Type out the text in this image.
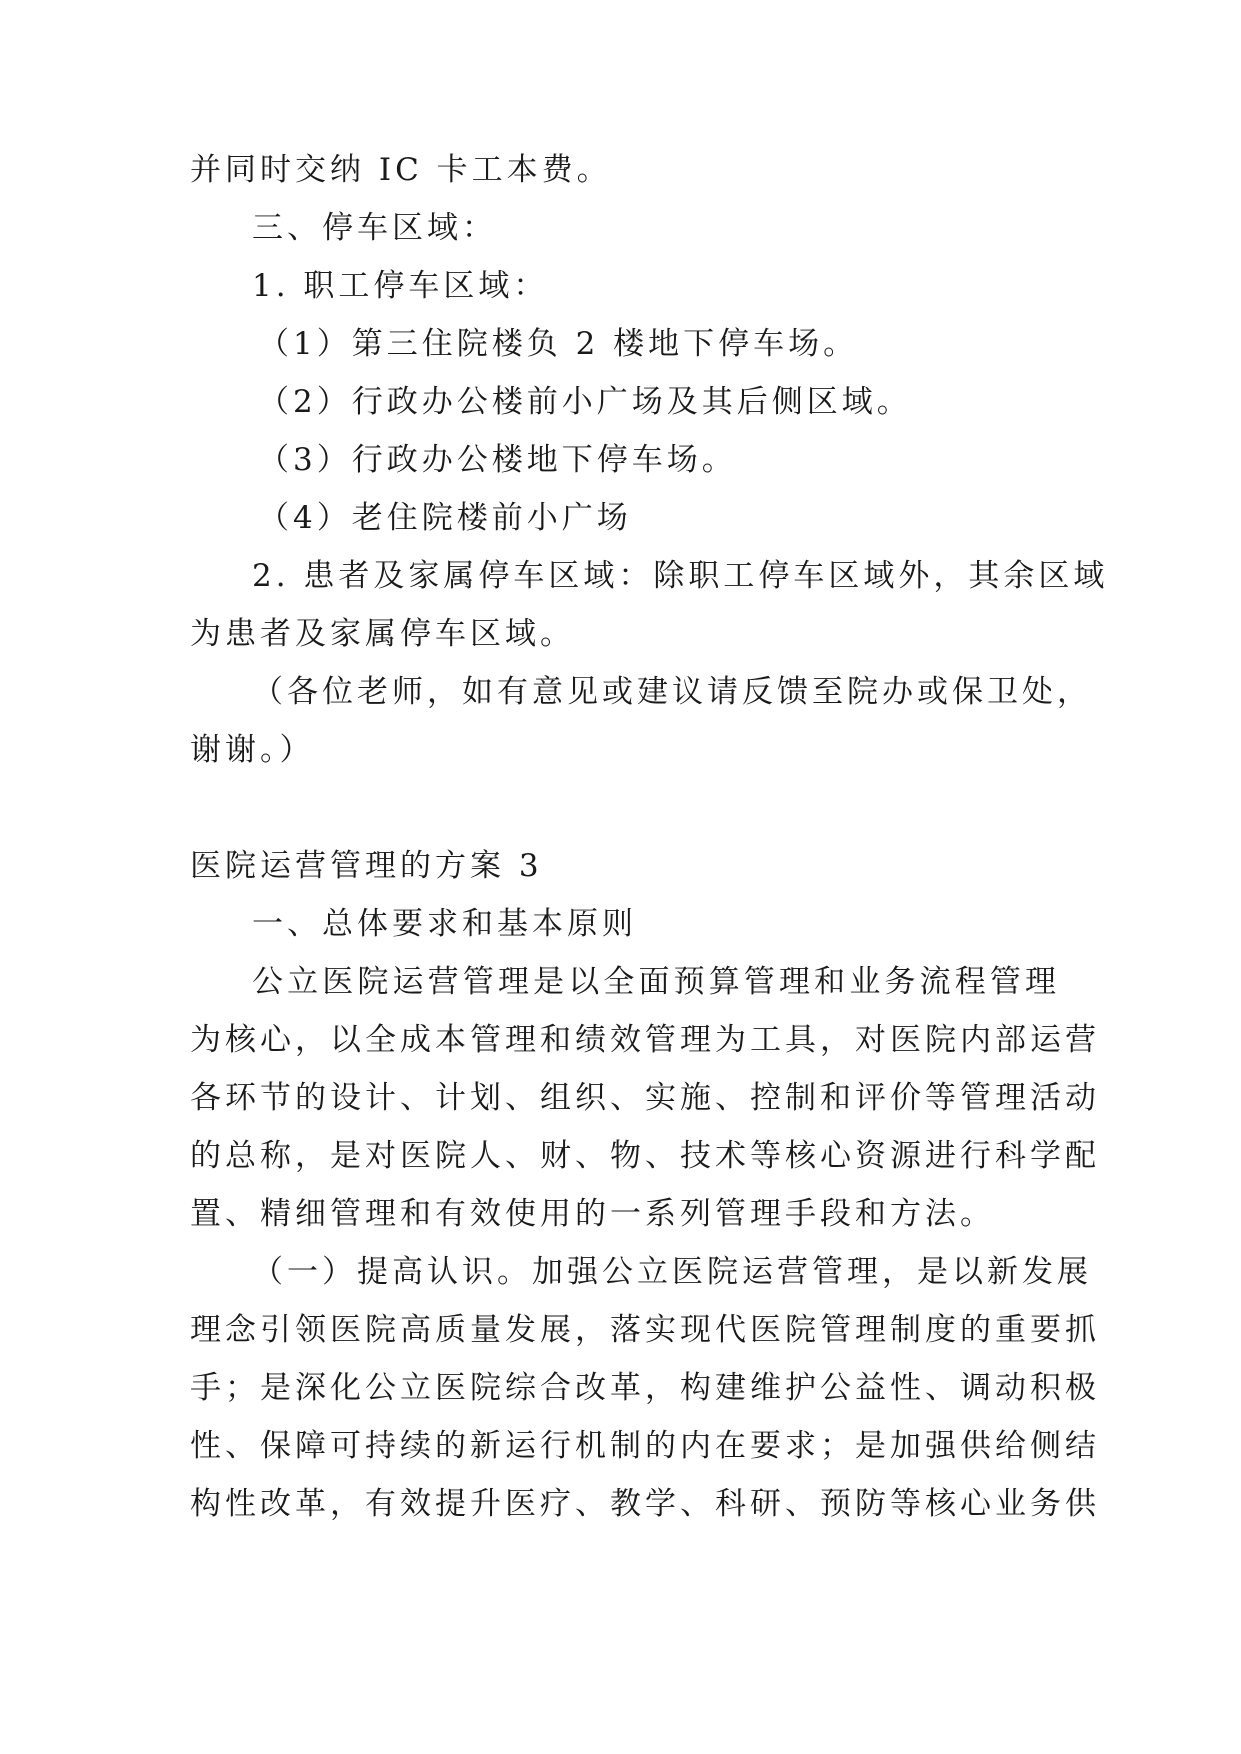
并同时交纳 IC 卡工本费。
三、停车区域：
1. 职工停车区域：
（1）第三住院楼负 2 楼地下停车场。
（2）行政办公楼前小广场及其后侧区域。
（3）行政办公楼地下停车场。
（4）老住院楼前小广场
2. 患者及家属停车区域：除职工停车区域外，其余区域
为患者及家属停车区域。
（各位老师，如有意见或建议请反馈至院办或保卫处，
谢谢。）
医院运营管理的方案 3
一、总体要求和基本原则
公立医院运营管理是以全面预算管理和业务流程管理
为核心，以全成本管理和绩效管理为工具，对医院内部运营
各环节的设计、计划、组织、实施、控制和评价等管理活动
的总称，是对医院人、财、物、技术等核心资源进行科学配
置、精细管理和有效使用的一系列管理手段和方法。
（一）提高认识。加强公立医院运营管理，是以新发展
理念引领医院高质量发展，落实现代医院管理制度的重要抓
手；是深化公立医院综合改革，构建维护公益性、调动积极
性、保障可持续的新运行机制的内在要求；是加强供给侧结
构性改革，有效提升医疗、教学、科研、预防等核心业务供
